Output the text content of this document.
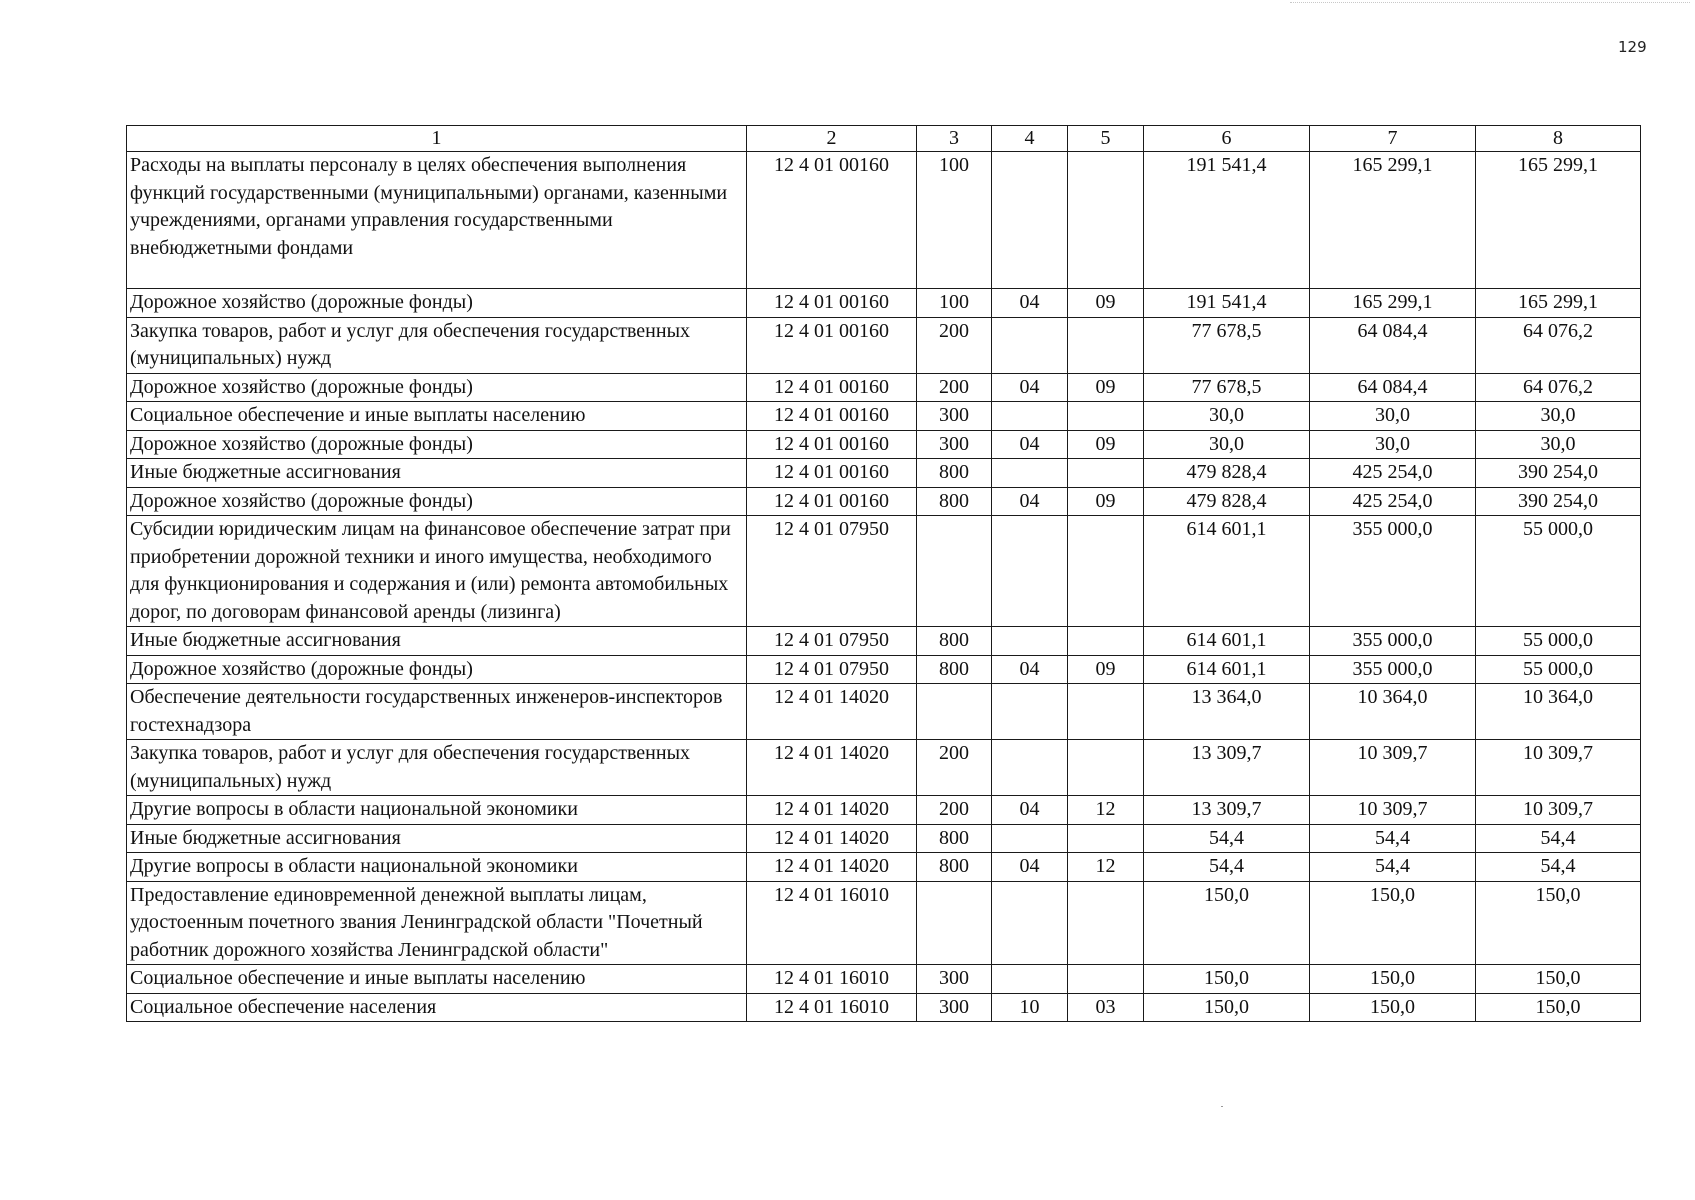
129
1	2	3	4	5	6	7	8
Расходы на выплаты персоналу в целях обеспечения выполнения функций государственными (муниципальными) органами, казенными учреждениями, органами управления государственными внебюджетными фондами	12 4 01 00160	100			191 541,4	165 299,1	165 299,1
Дорожное хозяйство (дорожные фонды)	12 4 01 00160	100	04	09	191 541,4	165 299,1	165 299,1
Закупка товаров, работ и услуг для обеспечения государственных (муниципальных) нужд	12 4 01 00160	200			77 678,5	64 084,4	64 076,2
Дорожное хозяйство (дорожные фонды)	12 4 01 00160	200	04	09	77 678,5	64 084,4	64 076,2
Социальное обеспечение и иные выплаты населению	12 4 01 00160	300			30,0	30,0	30,0
Дорожное хозяйство (дорожные фонды)	12 4 01 00160	300	04	09	30,0	30,0	30,0
Иные бюджетные ассигнования	12 4 01 00160	800			479 828,4	425 254,0	390 254,0
Дорожное хозяйство (дорожные фонды)	12 4 01 00160	800	04	09	479 828,4	425 254,0	390 254,0
Субсидии юридическим лицам на финансовое обеспечение затрат при приобретении дорожной техники и иного имущества, необходимого для функционирования и содержания и (или) ремонта автомобильных дорог, по договорам финансовой аренды (лизинга)	12 4 01 07950				614 601,1	355 000,0	55 000,0
Иные бюджетные ассигнования	12 4 01 07950	800			614 601,1	355 000,0	55 000,0
Дорожное хозяйство (дорожные фонды)	12 4 01 07950	800	04	09	614 601,1	355 000,0	55 000,0
Обеспечение деятельности государственных инженеров-инспекторов гостехнадзора	12 4 01 14020				13 364,0	10 364,0	10 364,0
Закупка товаров, работ и услуг для обеспечения государственных (муниципальных) нужд	12 4 01 14020	200			13 309,7	10 309,7	10 309,7
Другие вопросы в области национальной экономики	12 4 01 14020	200	04	12	13 309,7	10 309,7	10 309,7
Иные бюджетные ассигнования	12 4 01 14020	800			54,4	54,4	54,4
Другие вопросы в области национальной экономики	12 4 01 14020	800	04	12	54,4	54,4	54,4
Предоставление единовременной денежной выплаты лицам, удостоенным почетного звания Ленинградской области "Почетный работник дорожного хозяйства Ленинградской области"	12 4 01 16010				150,0	150,0	150,0
Социальное обеспечение и иные выплаты населению	12 4 01 16010	300			150,0	150,0	150,0
Социальное обеспечение населения	12 4 01 16010	300	10	03	150,0	150,0	150,0
